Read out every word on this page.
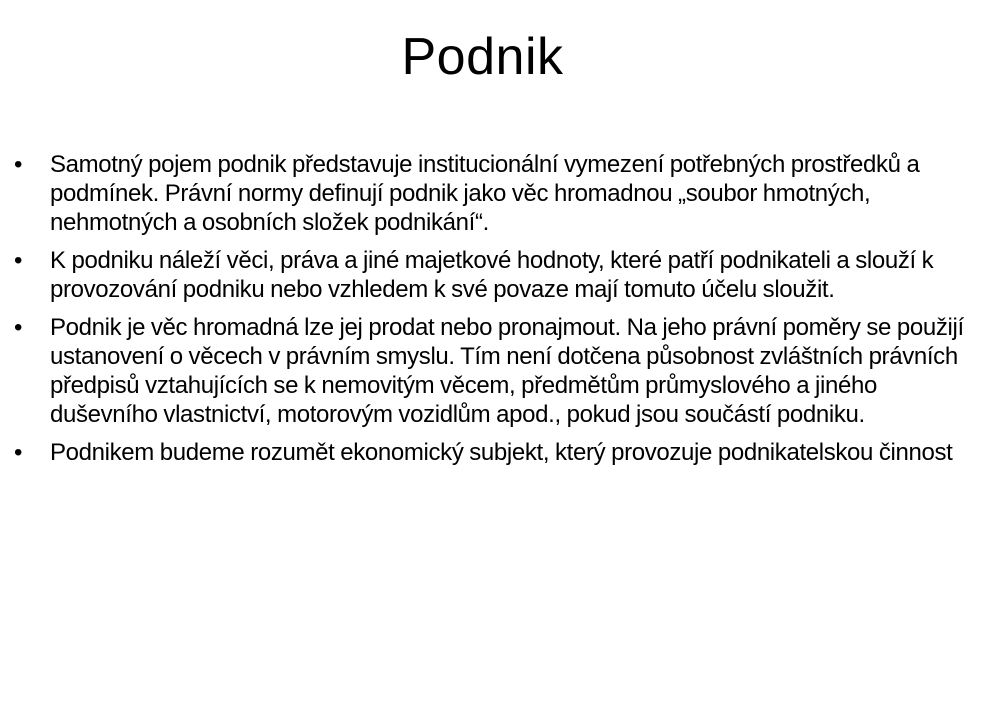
Podnik
•	Samotný pojem podnik představuje institucionální vymezení potřebných prostředků a podmínek. Právní normy definují podnik jako věc hromadnou „soubor hmotných, nehmotných a osobních složek podnikání“.
•	K podniku náleží věci, práva a jiné majetkové hodnoty, které patří podnikateli a slouží k provozování podniku nebo vzhledem k své povaze mají tomuto účelu sloužit.
•	Podnik je věc hromadná lze jej prodat nebo pronajmout. Na jeho právní poměry se použijí ustanovení o věcech v právním smyslu. Tím není dotčena působnost zvláštních právních předpisů vztahujících se k nemovitým věcem, předmětům průmyslového a jiného duševního vlastnictví, motorovým vozidlům apod., pokud jsou součástí podniku.
•	Podnikem budeme rozumět ekonomický subjekt, který provozuje podnikatelskou činnost
